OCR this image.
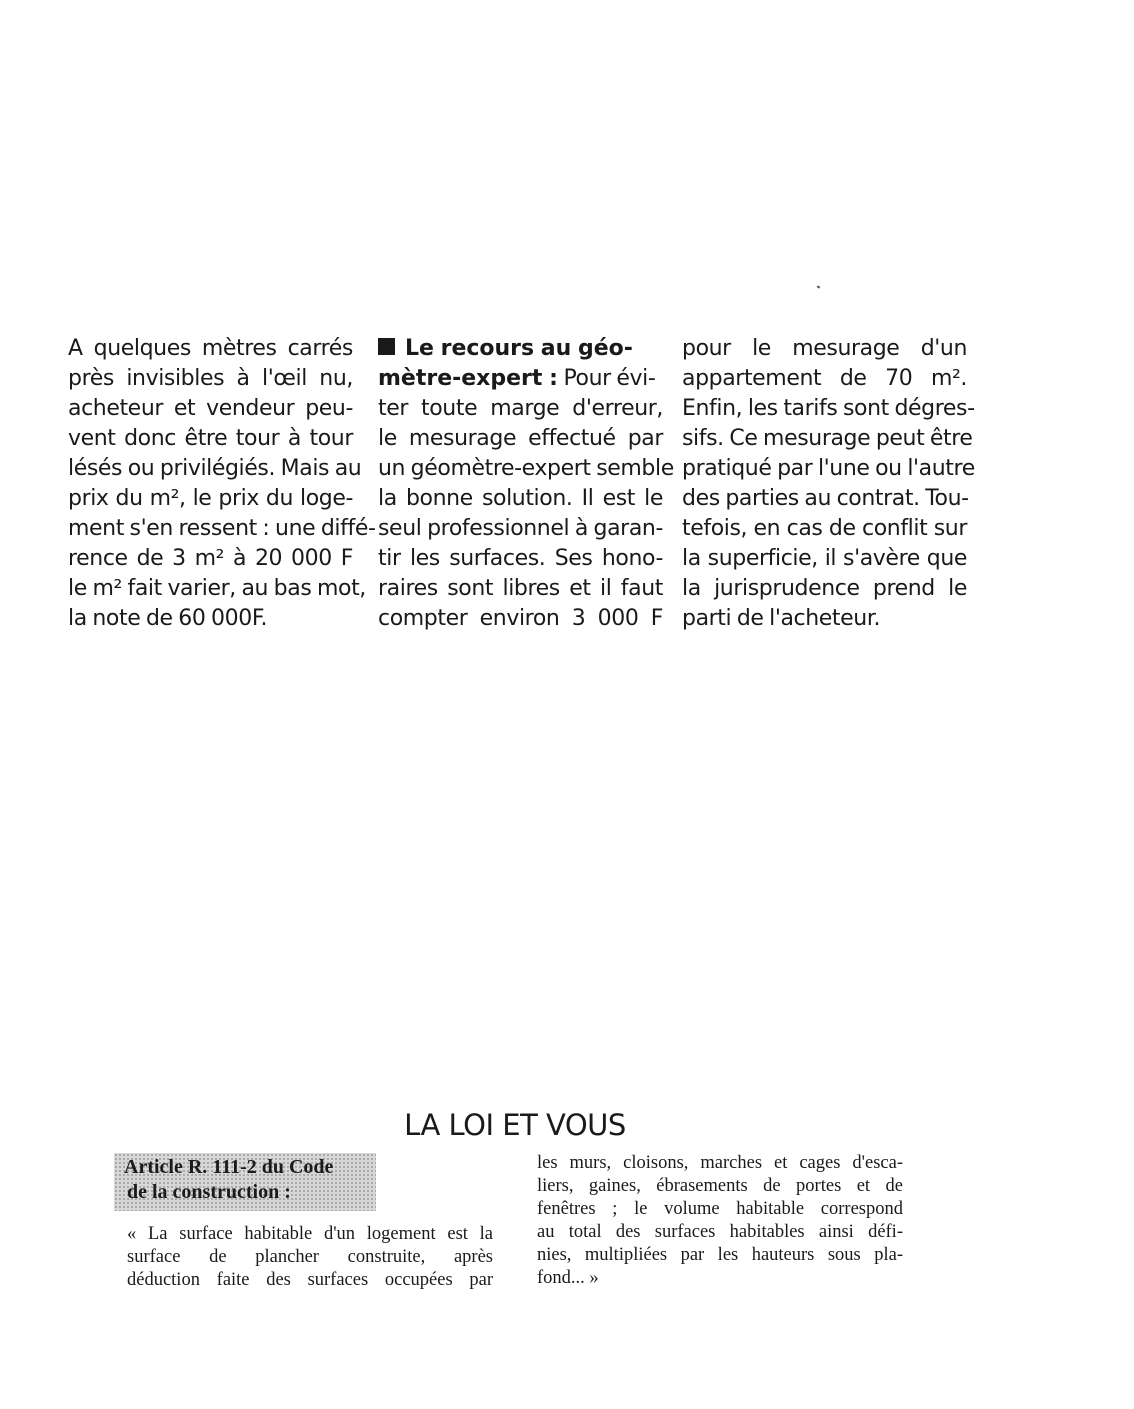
A quelques mètres carrés
près invisibles à l'œil nu,
acheteur et vendeur peu-
vent donc être tour à tour
lésés ou privilégiés. Mais au
prix du m², le prix du loge-
ment s'en ressent : une diffé-
rence de 3 m² à 20 000 F
le m² fait varier, au bas mot,
la note de 60 000F.
Le recours au géo-
mètre-expert : Pour évi-
ter toute marge d'erreur,
le mesurage effectué par
un géomètre-expert semble
la bonne solution. Il est le
seul professionnel à garan-
tir les surfaces. Ses hono-
raires sont libres et il faut
compter environ 3 000 F
pour le mesurage d'un
appartement de 70 m².
Enfin, les tarifs sont dégres-
sifs. Ce mesurage peut être
pratiqué par l'une ou l'autre
des parties au contrat. Tou-
tefois, en cas de conflit sur
la superficie, il s'avère que
la jurisprudence prend le
parti de l'acheteur.
LA LOI ET VOUS
Article R. 111-2 du Code
de la construction :
« La surface habitable d'un logement est la
surface de plancher construite, après
déduction faite des surfaces occupées par
les murs, cloisons, marches et cages d'esca-
liers, gaines, ébrasements de portes et de
fenêtres ; le volume habitable correspond
au total des surfaces habitables ainsi défi-
nies, multipliées par les hauteurs sous pla-
fond... »
